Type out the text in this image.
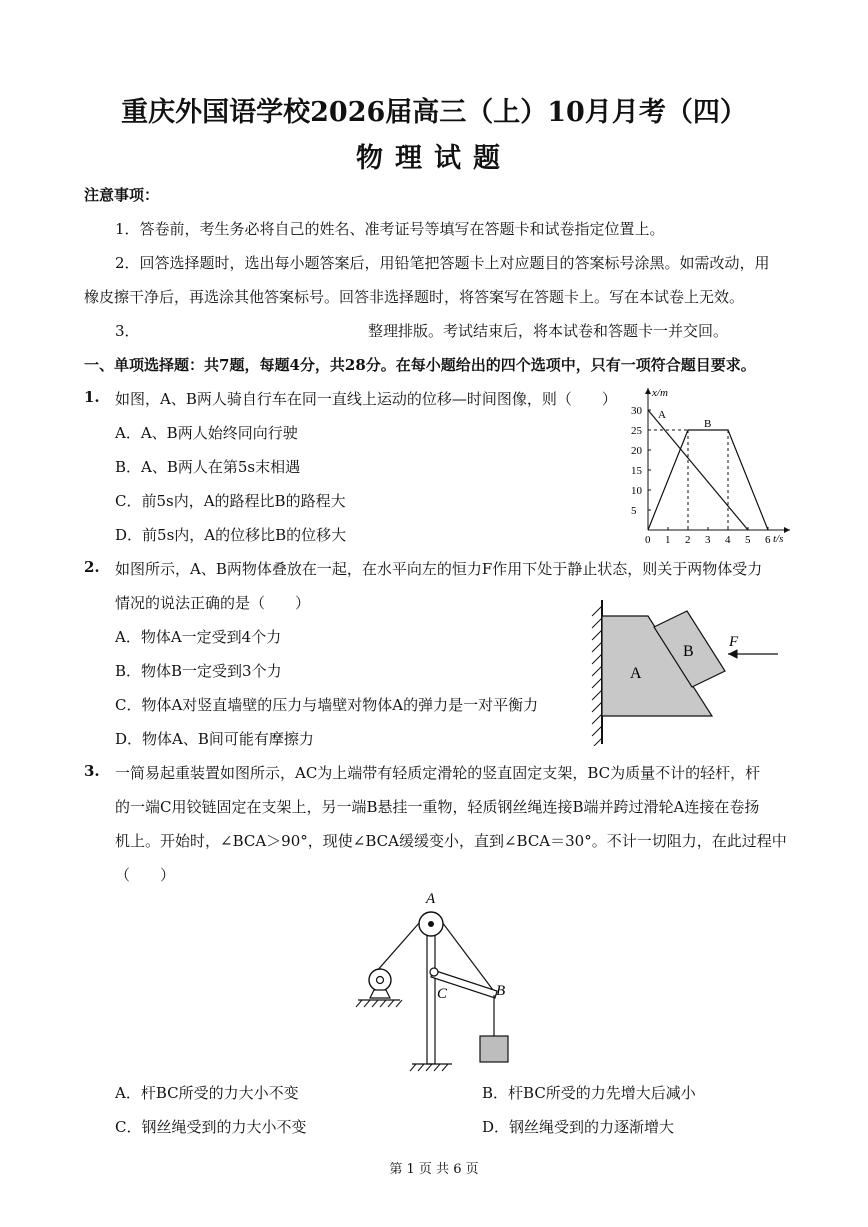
重庆外国语学校2026届高三（上）10月月考（四）
物理试题
注意事项：
1．答卷前，考生务必将自己的姓名、准考证号等填写在答题卡和试卷指定位置上。
2．回答选择题时，选出每小题答案后，用铅笔把答题卡上对应题目的答案标号涂黑。如需改动，用
橡皮擦干净后，再选涂其他答案标号。回答非选择题时，将答案写在答题卡上。写在本试卷上无效。
3．	整理排版。考试结束后，将本试卷和答题卡一并交回。
一、单项选择题：共7题，每题4分，共28分。在每小题给出的四个选项中，只有一项符合题目要求。
1. 如图，A、B两人骑自行车在同一直线上运动的位移—时间图像，则（　　）
A．A、B两人始终同向行驶
B．A、B两人在第5s末相遇
C．前5s内，A的路程比B的路程大
D．前5s内，A的位移比B的位移大
x/m
t/s
0 1 2 3 4 5 6
5
10
15
20
25
30 A
B
2. 如图所示，A、B两物体叠放在一起，在水平向左的恒力F作用下处于静止状态，则关于两物体受力
情况的说法正确的是（　　）
A．物体A一定受到4个力
B．物体B一定受到3个力
C．物体A对竖直墙壁的压力与墙壁对物体A的弹力是一对平衡力
D．物体A、B间可能有摩擦力
A
B
F
3. 一简易起重装置如图所示，AC为上端带有轻质定滑轮的竖直固定支架，BC为质量不计的轻杆，杆
的一端C用铰链固定在支架上，另一端B悬挂一重物，轻质钢丝绳连接B端并跨过滑轮A连接在卷扬
机上。开始时，∠BCA＞90°，现使∠BCA缓缓变小，直到∠BCA＝30°。不计一切阻力，在此过程中
（　　）
A
C	B
A．杆BC所受的力大小不变	B．杆BC所受的力先增大后减小
C．钢丝绳受到的力大小不变	D．钢丝绳受到的力逐渐增大
第 1 页 共 6 页
